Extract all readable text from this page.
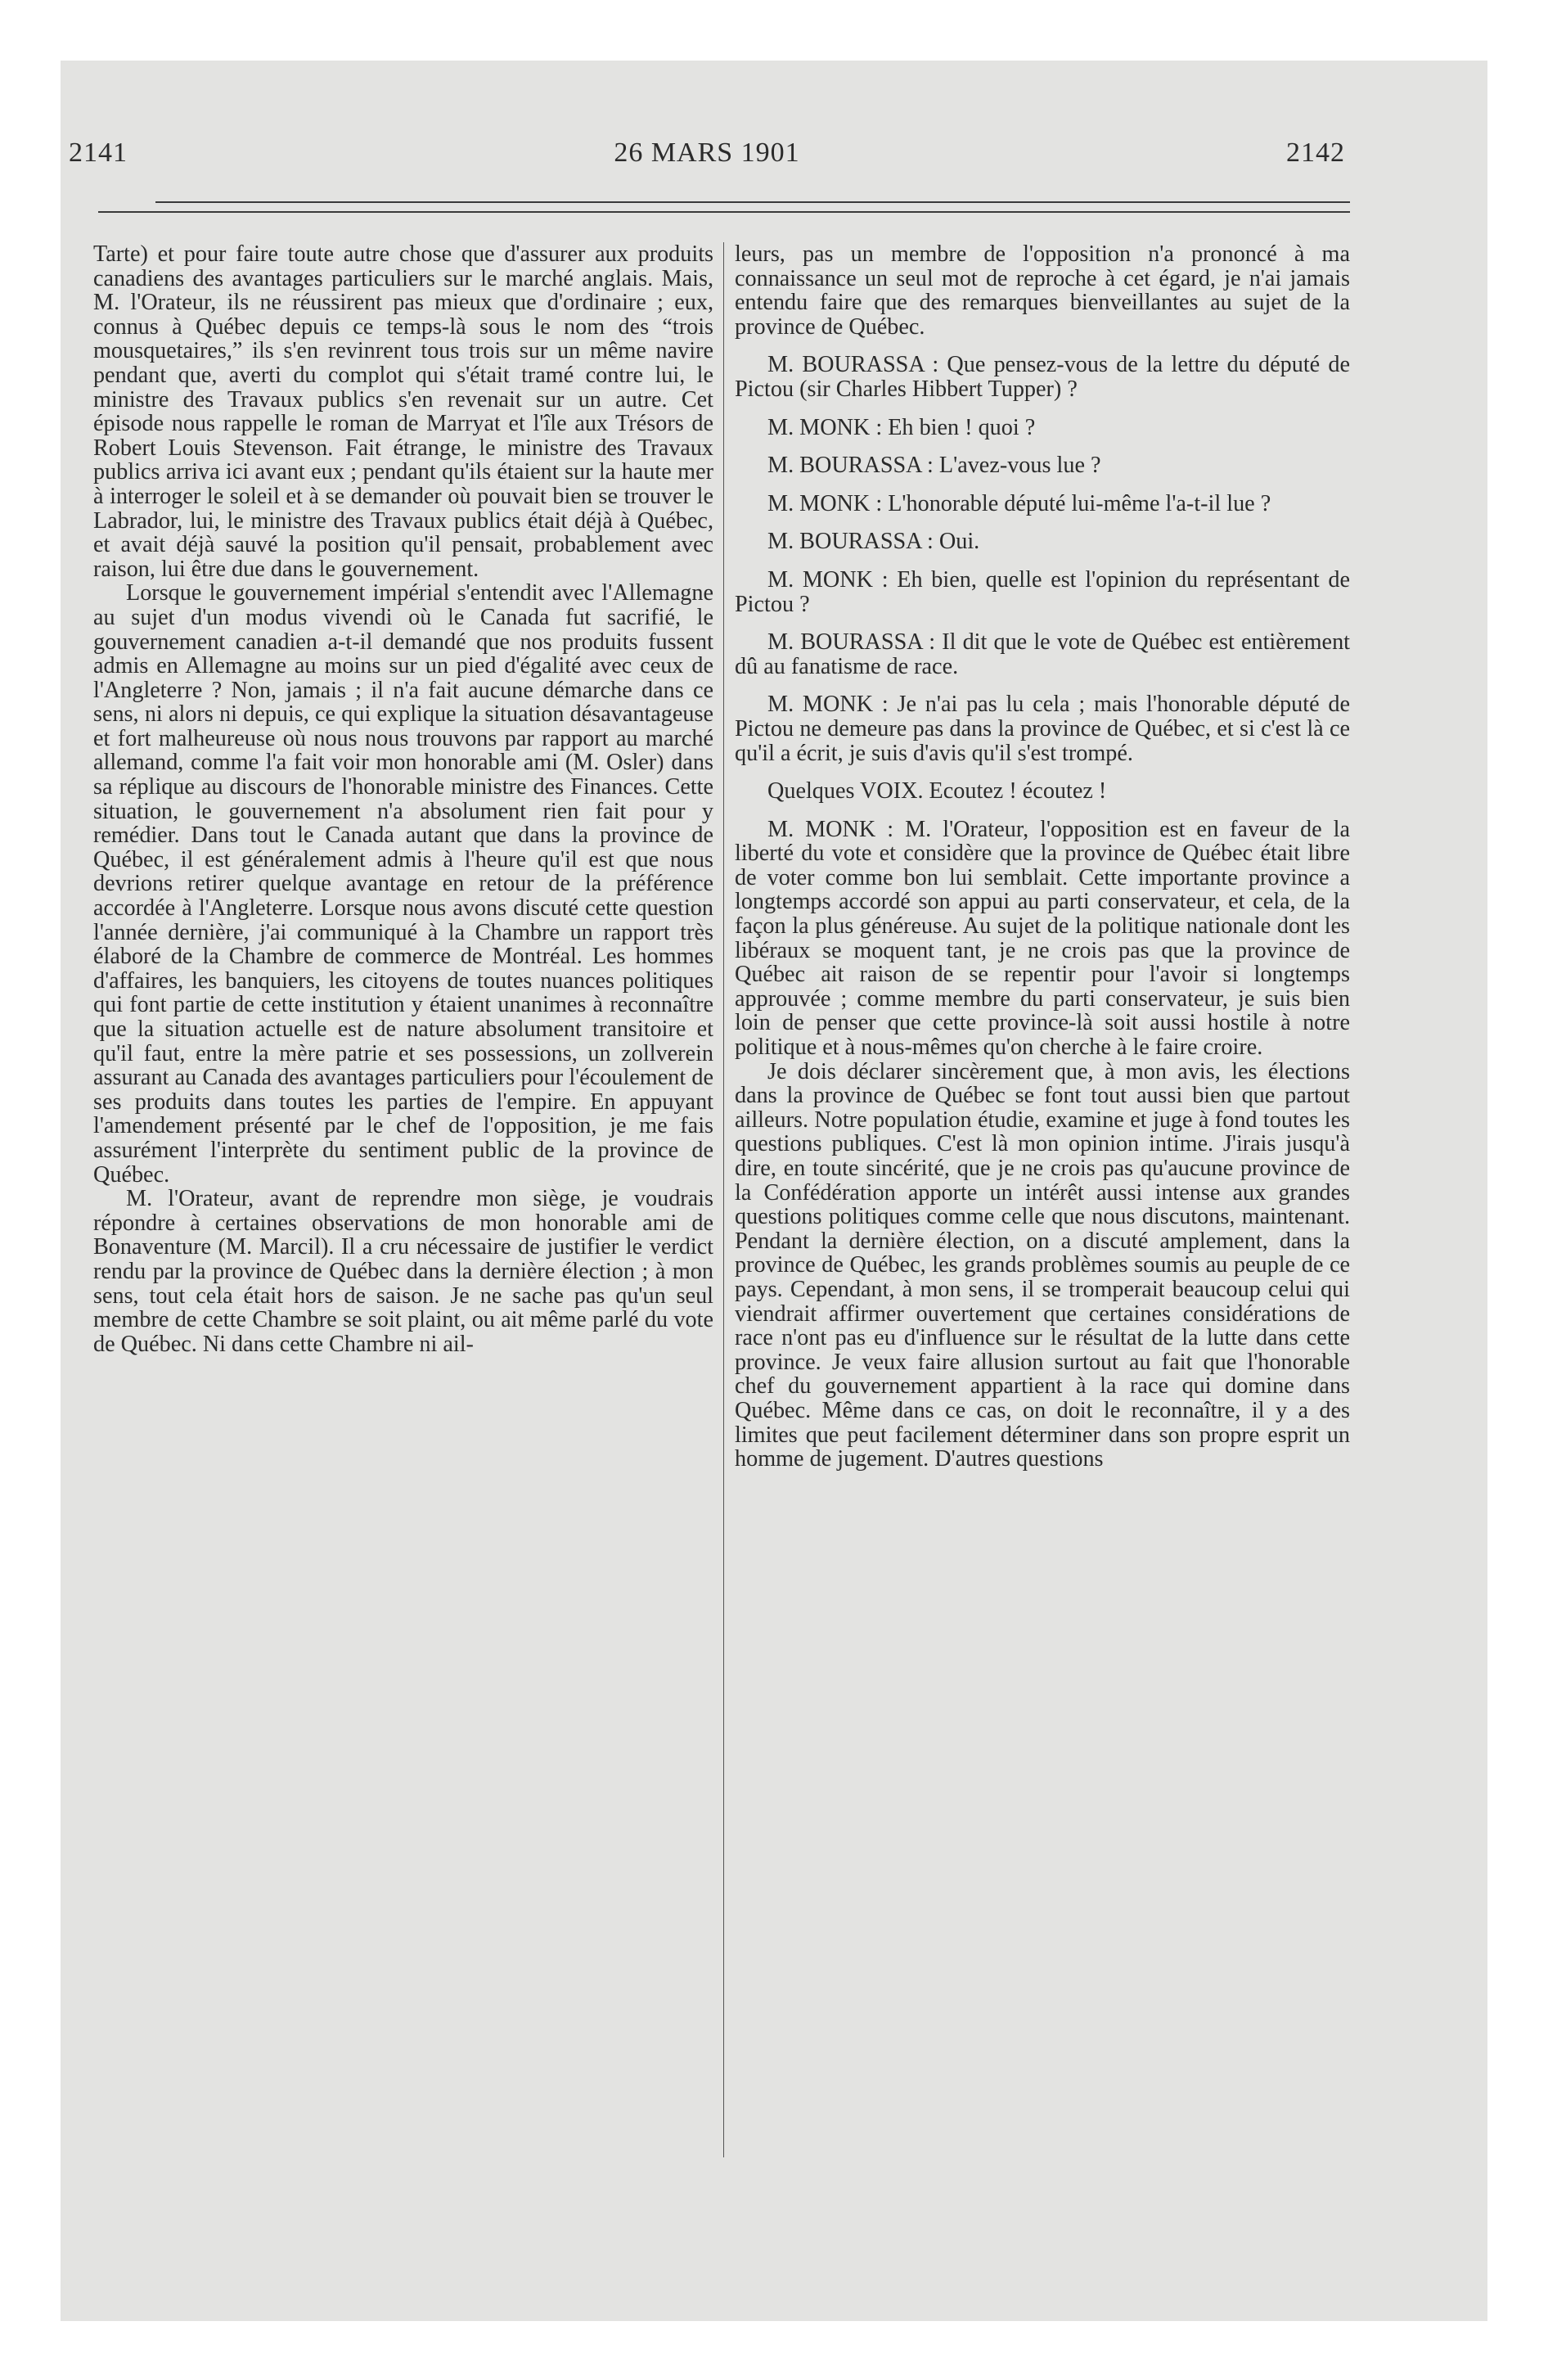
2141	26 MARS 1901	2142

Tarte) et pour faire toute autre chose que d'assurer aux produits canadiens des avantages particuliers sur le marché anglais. Mais, M. l'Orateur, ils ne réussirent pas mieux que d'ordinaire ; eux, connus à Québec depuis ce temps-là sous le nom des “trois mousquetaires,” ils s'en revinrent tous trois sur un même navire pendant que, averti du complot qui s'était tramé contre lui, le ministre des Travaux publics s'en revenait sur un autre. Cet épisode nous rappelle le roman de Marryat et l'île aux Trésors de Robert Louis Stevenson. Fait étrange, le ministre des Travaux publics arriva ici avant eux ; pendant qu'ils étaient sur la haute mer à interroger le soleil et à se demander où pouvait bien se trouver le Labrador, lui, le ministre des Travaux publics était déjà à Québec, et avait déjà sauvé la position qu'il pensait, probablement avec raison, lui être due dans le gouvernement.

Lorsque le gouvernement impérial s'entendit avec l'Allemagne au sujet d'un modus vivendi où le Canada fut sacrifié, le gouvernement canadien a-t-il demandé que nos produits fussent admis en Allemagne au moins sur un pied d'égalité avec ceux de l'Angleterre ? Non, jamais ; il n'a fait aucune démarche dans ce sens, ni alors ni depuis, ce qui explique la situation désavantageuse et fort malheureuse où nous nous trouvons par rapport au marché allemand, comme l'a fait voir mon honorable ami (M. Osler) dans sa réplique au discours de l'honorable ministre des Finances. Cette situation, le gouvernement n'a absolument rien fait pour y remédier. Dans tout le Canada autant que dans la province de Québec, il est généralement admis à l'heure qu'il est que nous devrions retirer quelque avantage en retour de la préférence accordée à l'Angleterre. Lorsque nous avons discuté cette question l'année dernière, j'ai communiqué à la Chambre un rapport très élaboré de la Chambre de commerce de Montréal. Les hommes d'affaires, les banquiers, les citoyens de toutes nuances politiques qui font partie de cette institution y étaient unanimes à reconnaître que la situation actuelle est de nature absolument transitoire et qu'il faut, entre la mère patrie et ses possessions, un zollverein assurant au Canada des avantages particuliers pour l'écoulement de ses produits dans toutes les parties de l'empire. En appuyant l'amendement présenté par le chef de l'opposition, je me fais assurément l'interprète du sentiment public de la province de Québec.

M. l'Orateur, avant de reprendre mon siège, je voudrais répondre à certaines observations de mon honorable ami de Bonaventure (M. Marcil). Il a cru nécessaire de justifier le verdict rendu par la province de Québec dans la dernière élection ; à mon sens, tout cela était hors de saison. Je ne sache pas qu'un seul membre de cette Chambre se soit plaint, ou ait même parlé du vote de Québec. Ni dans cette Chambre ni ail-

leurs, pas un membre de l'opposition n'a prononcé à ma connaissance un seul mot de reproche à cet égard, je n'ai jamais entendu faire que des remarques bienveillantes au sujet de la province de Québec.

M. BOURASSA : Que pensez-vous de la lettre du député de Pictou (sir Charles Hibbert Tupper) ?

M. MONK : Eh bien ! quoi ?

M. BOURASSA : L'avez-vous lue ?

M. MONK : L'honorable député lui-même l'a-t-il lue ?

M. BOURASSA : Oui.

M. MONK : Eh bien, quelle est l'opinion du représentant de Pictou ?

M. BOURASSA : Il dit que le vote de Québec est entièrement dû au fanatisme de race.

M. MONK : Je n'ai pas lu cela ; mais l'honorable député de Pictou ne demeure pas dans la province de Québec, et si c'est là ce qu'il a écrit, je suis d'avis qu'il s'est trompé.

Quelques VOIX. Ecoutez ! écoutez !

M. MONK : M. l'Orateur, l'opposition est en faveur de la liberté du vote et considère que la province de Québec était libre de voter comme bon lui semblait. Cette importante province a longtemps accordé son appui au parti conservateur, et cela, de la façon la plus généreuse. Au sujet de la politique nationale dont les libéraux se moquent tant, je ne crois pas que la province de Québec ait raison de se repentir pour l'avoir si longtemps approuvée ; comme membre du parti conservateur, je suis bien loin de penser que cette province-là soit aussi hostile à notre politique et à nous-mêmes qu'on cherche à le faire croire.

Je dois déclarer sincèrement que, à mon avis, les élections dans la province de Québec se font tout aussi bien que partout ailleurs. Notre population étudie, examine et juge à fond toutes les questions publiques. C'est là mon opinion intime. J'irais jusqu'à dire, en toute sincérité, que je ne crois pas qu'aucune province de la Confédération apporte un intérêt aussi intense aux grandes questions politiques comme celle que nous discutons, maintenant. Pendant la dernière élection, on a discuté amplement, dans la province de Québec, les grands problèmes soumis au peuple de ce pays. Cependant, à mon sens, il se tromperait beaucoup celui qui viendrait affirmer ouvertement que certaines considérations de race n'ont pas eu d'influence sur le résultat de la lutte dans cette province. Je veux faire allusion surtout au fait que l'honorable chef du gouvernement appartient à la race qui domine dans Québec. Même dans ce cas, on doit le reconnaître, il y a des limites que peut facilement déterminer dans son propre esprit un homme de jugement. D'autres questions
